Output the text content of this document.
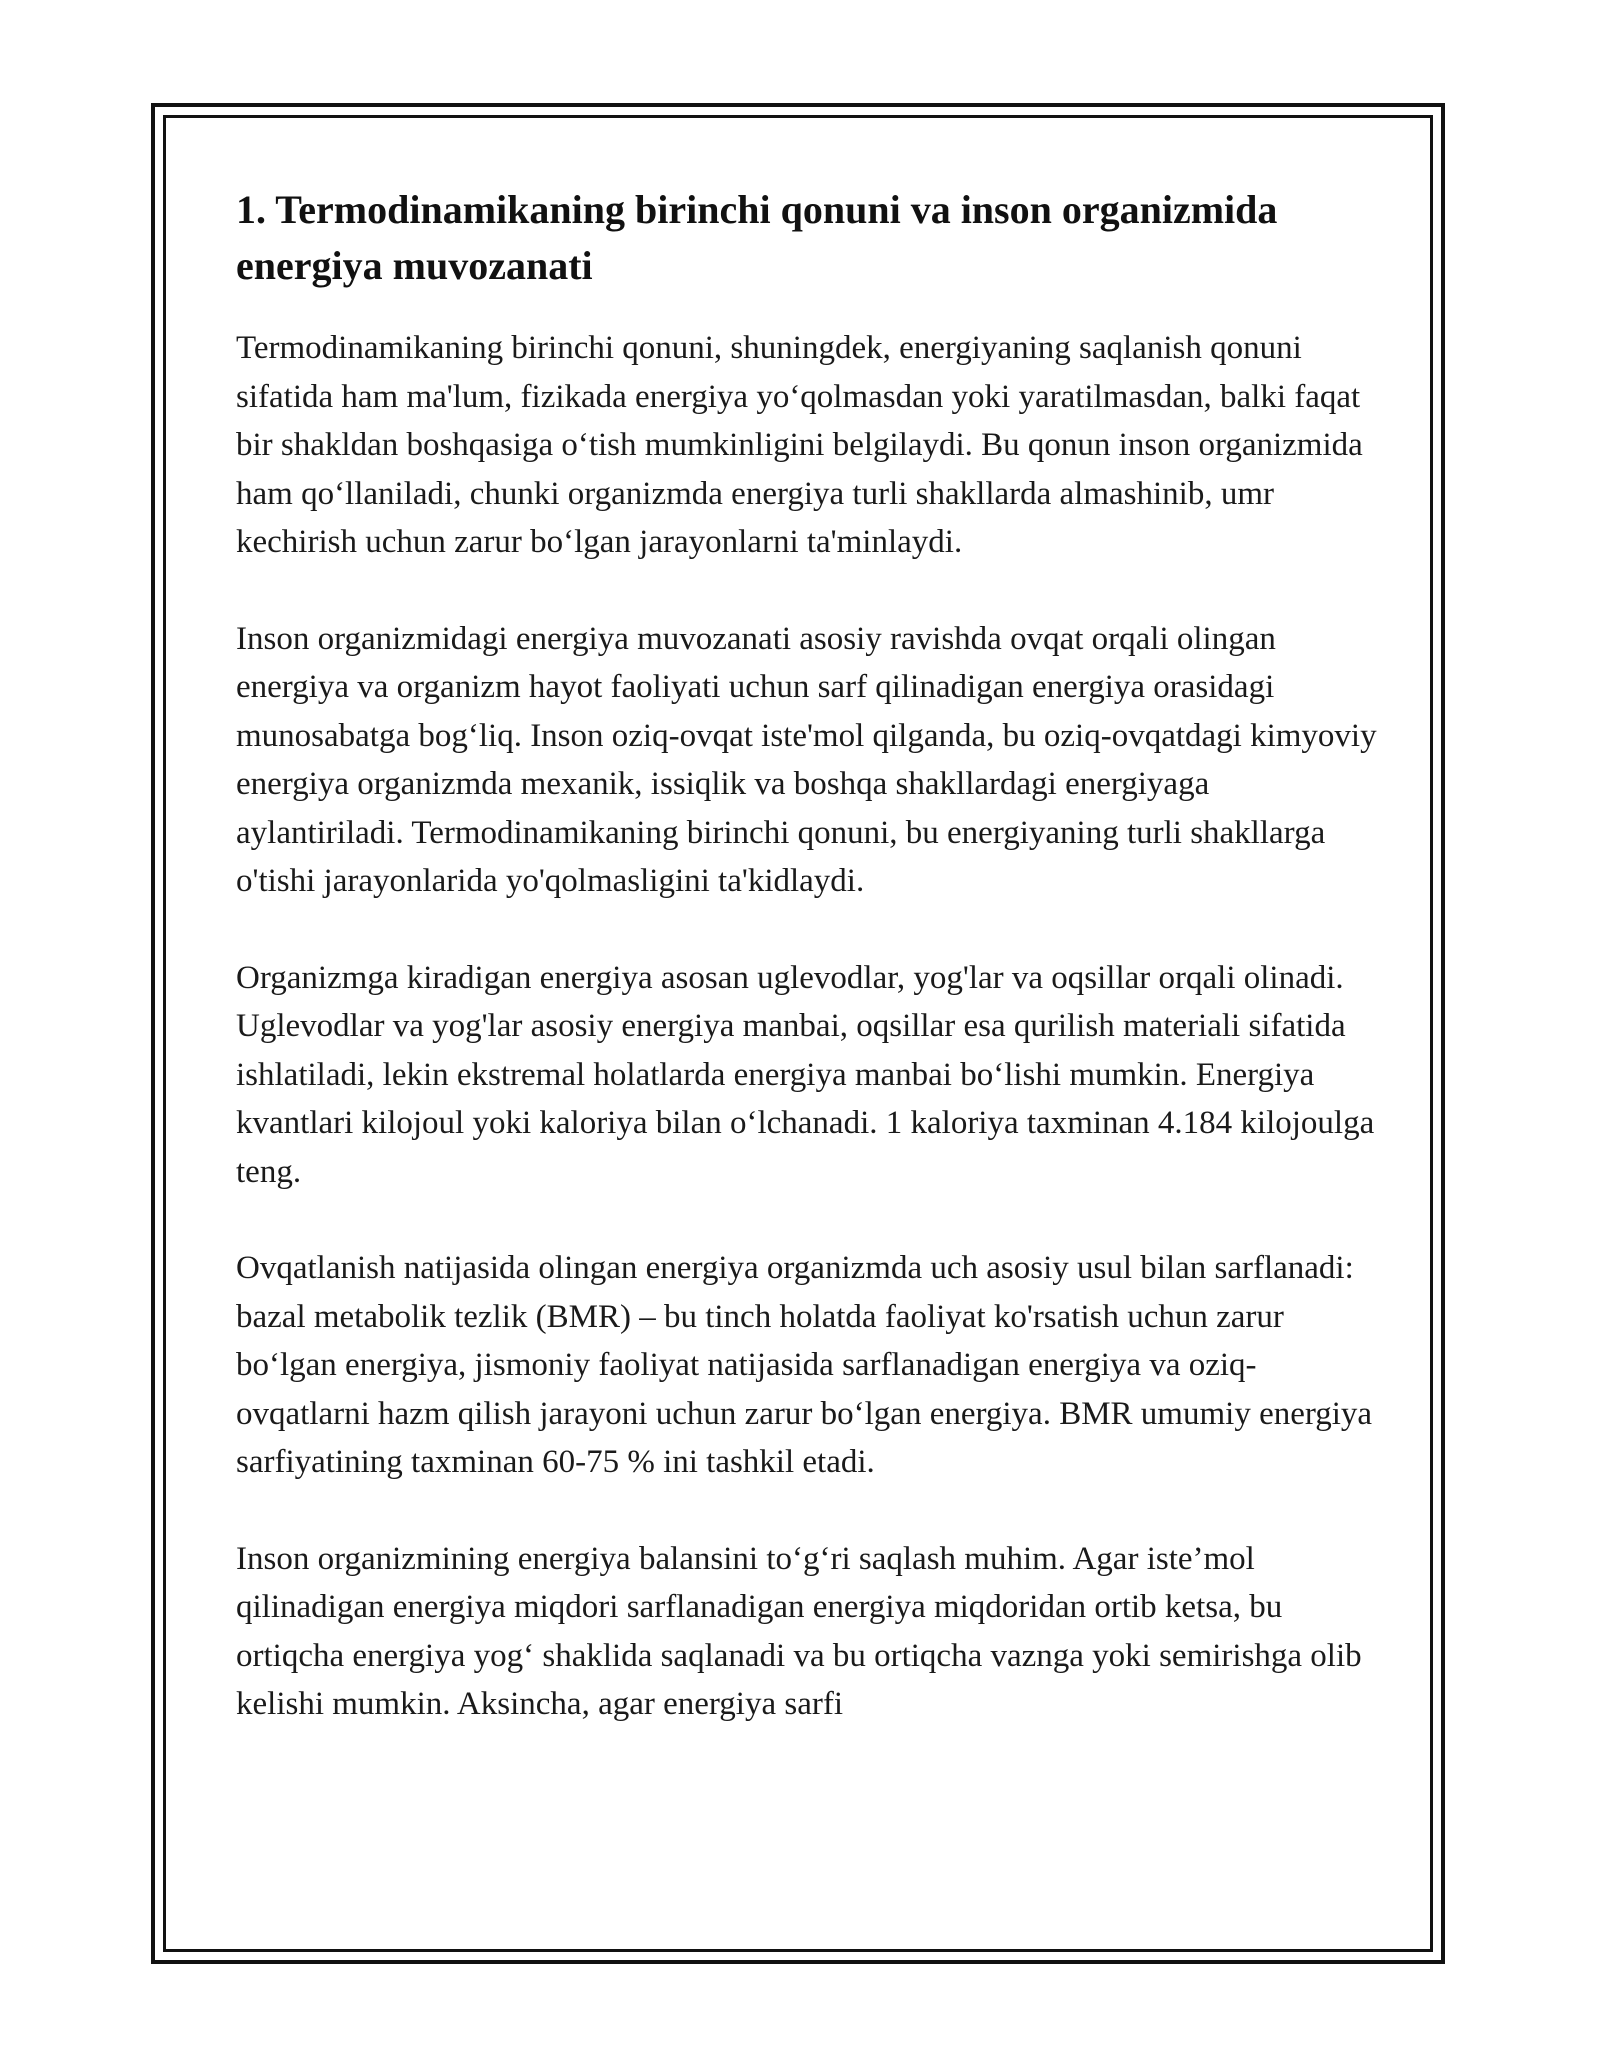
1. Termodinamikaning birinchi qonuni va inson organizmida energiya muvozanati

Termodinamikaning birinchi qonuni, shuningdek, energiyaning saqlanish qonuni sifatida ham ma'lum, fizikada energiya yo‘qolmasdan yoki yaratilmasdan, balki faqat bir shakldan boshqasiga o‘tish mumkinligini belgilaydi. Bu qonun inson organizmida ham qo‘llaniladi, chunki organizmda energiya turli shakllarda almashinib, umr kechirish uchun zarur bo‘lgan jarayonlarni ta'minlaydi.

Inson organizmidagi energiya muvozanati asosiy ravishda ovqat orqali olingan energiya va organizm hayot faoliyati uchun sarf qilinadigan energiya orasidagi munosabatga bog‘liq. Inson oziq-ovqat iste'mol qilganda, bu oziq-ovqatdagi kimyoviy energiya organizmda mexanik, issiqlik va boshqa shakllardagi energiyaga aylantiriladi. Termodinamikaning birinchi qonuni, bu energiyaning turli shakllarga o'tishi jarayonlarida yo'qolmasligini ta'kidlaydi.

Organizmga kiradigan energiya asosan uglevodlar, yog'lar va oqsillar orqali olinadi. Uglevodlar va yog'lar asosiy energiya manbai, oqsillar esa qurilish materiali sifatida ishlatiladi, lekin ekstremal holatlarda energiya manbai bo‘lishi mumkin. Energiya kvantlari kilojoul yoki kaloriya bilan o‘lchanadi. 1 kaloriya taxminan 4.184 kilojoulga teng.

Ovqatlanish natijasida olingan energiya organizmda uch asosiy usul bilan sarflanadi: bazal metabolik tezlik (BMR) – bu tinch holatda faoliyat ko'rsatish uchun zarur bo‘lgan energiya, jismoniy faoliyat natijasida sarflanadigan energiya va oziq-ovqatlarni hazm qilish jarayoni uchun zarur bo‘lgan energiya. BMR umumiy energiya sarfiyatining taxminan 60-75 % ini tashkil etadi.

Inson organizmining energiya balansini to‘g‘ri saqlash muhim. Agar iste’mol qilinadigan energiya miqdori sarflanadigan energiya miqdoridan ortib ketsa, bu ortiqcha energiya yog‘ shaklida saqlanadi va bu ortiqcha vaznga yoki semirishga olib kelishi mumkin. Aksincha, agar energiya sarfi
